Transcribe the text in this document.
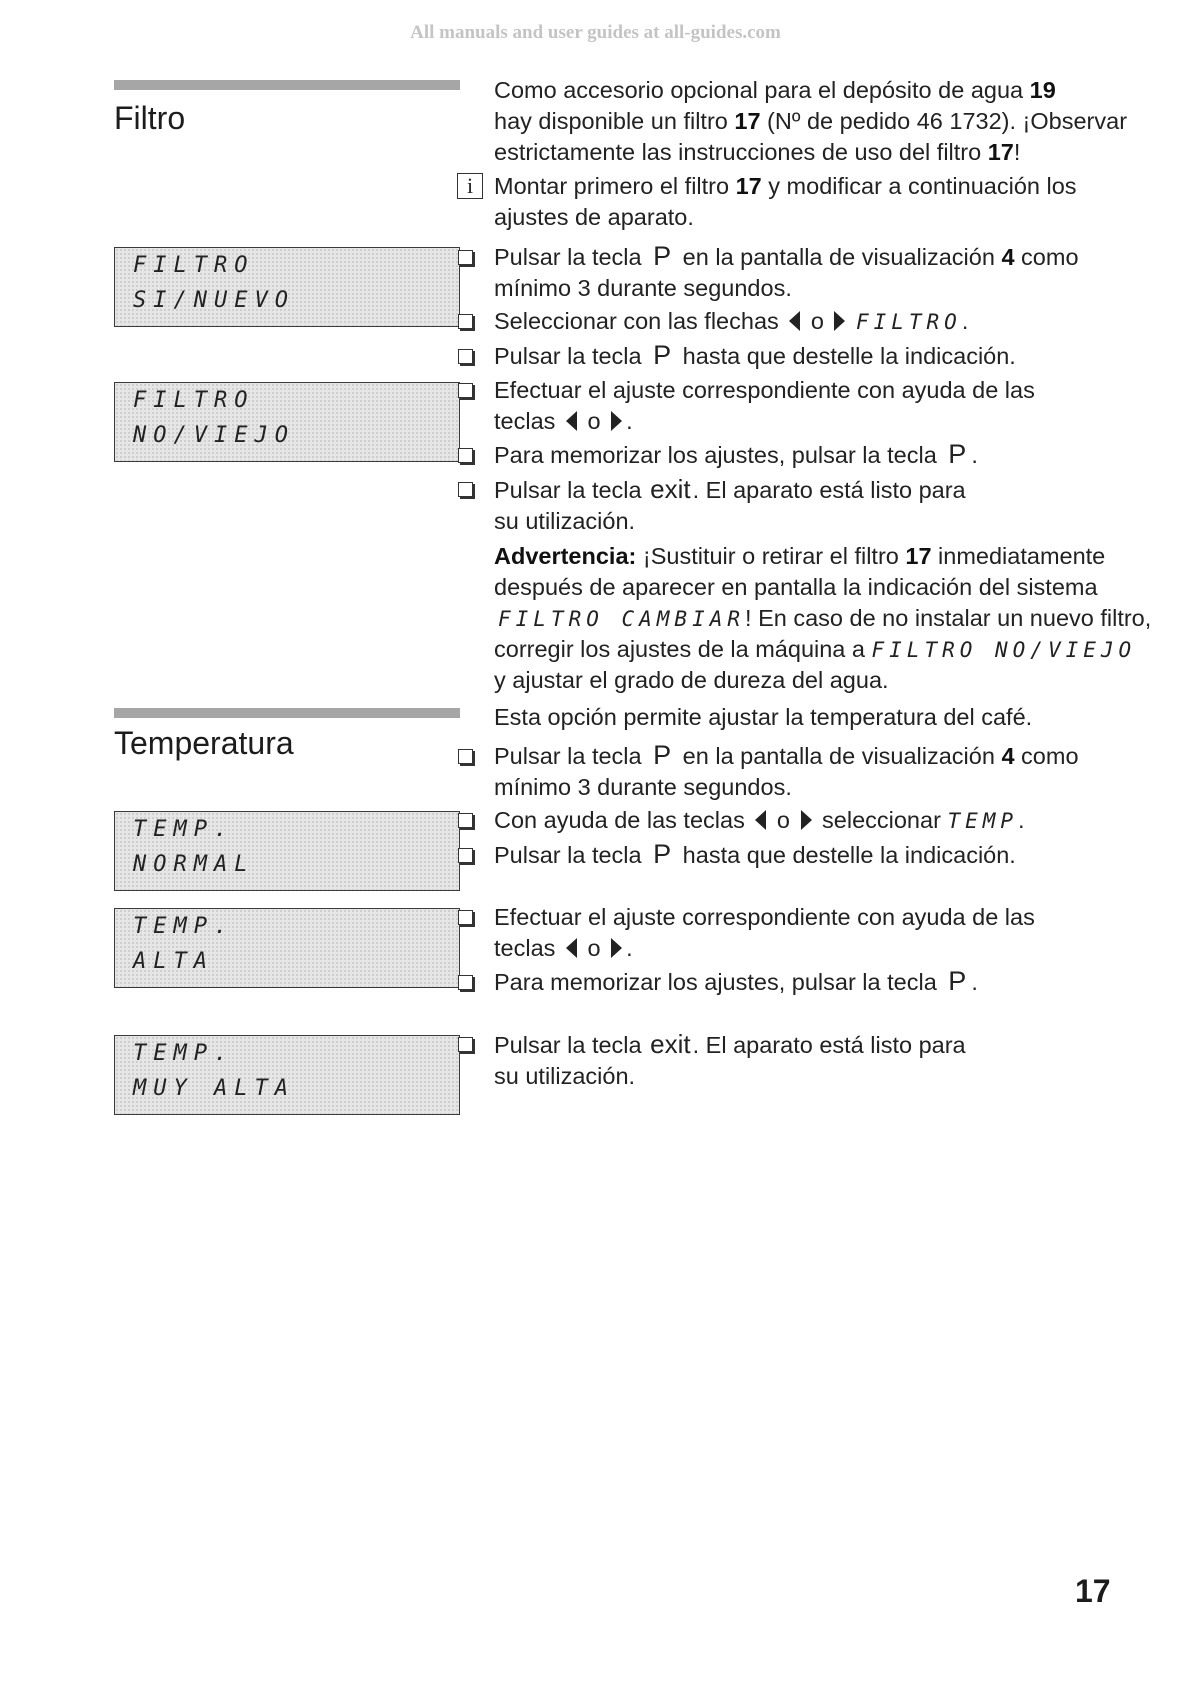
All manuals and user guides at all-guides.com
Filtro
FILTRO
SI/NUEVO
FILTRO
NO/VIEJO
Como accesorio opcional para el depósito de agua 19
hay disponible un filtro 17 (Nº de pedido 46 1732). ¡Observar
estrictamente las instrucciones de uso del filtro 17!
i Montar primero el filtro 17 y modificar a continuación los
ajustes de aparato.
Pulsar la tecla P en la pantalla de visualización 4 como
mínimo 3 durante segundos.
Seleccionar con las flechas  o  FILTRO.
Pulsar la tecla P hasta que destelle la indicación.
Efectuar el ajuste correspondiente con ayuda de las
teclas  o .
Para memorizar los ajustes, pulsar la tecla P .
Pulsar la tecla exit. El aparato está listo para
su utilización.
Advertencia: ¡Sustituir o retirar el filtro 17 inmediatamente
después de aparecer en pantalla la indicación del sistema
FILTRO CAMBIAR! En caso de no instalar un nuevo filtro,
corregir los ajustes de la máquina a FILTRO NO/VIEJO
y ajustar el grado de dureza del agua.
Temperatura
TEMP.
NORMAL
TEMP.
ALTA
TEMP.
MUY ALTA
Esta opción permite ajustar la temperatura del café.
Pulsar la tecla P en la pantalla de visualización 4 como
mínimo 3 durante segundos.
Con ayuda de las teclas  o  seleccionar TEMP.
Pulsar la tecla P hasta que destelle la indicación.
Efectuar el ajuste correspondiente con ayuda de las
teclas  o .
Para memorizar los ajustes, pulsar la tecla P .
Pulsar la tecla exit. El aparato está listo para
su utilización.
17
